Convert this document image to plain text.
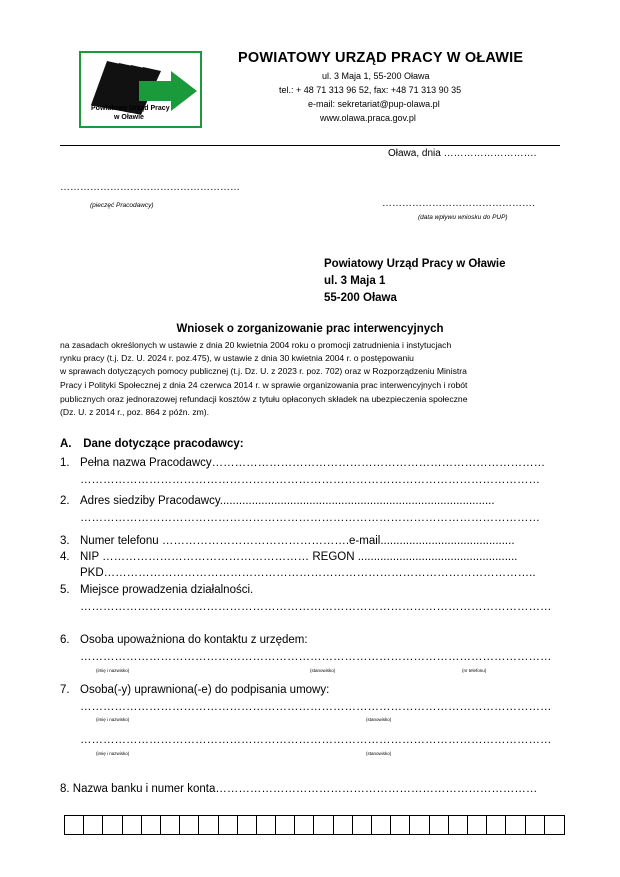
Powiatowy Urząd Pracy
w Oławie
POWIATOWY URZĄD PRACY W OŁAWIE
ul. 3 Maja 1, 55-200 Oława
tel.: + 48 71 313 96 52, fax: +48 71 313 90 35
e-mail: sekretariat@pup-olawa.pl
www.olawa.praca.gov.pl
Oława, dnia ……………………….
………………………………………………
(pieczęć Pracodawcy)	……………………………………….
(data wpływu wniosku do PUP)
Powiatowy Urząd Pracy w Oławie
ul. 3 Maja 1
55-200 Oława
Wniosek o zorganizowanie prac interwencyjnych
na zasadach określonych w ustawie z dnia 20 kwietnia 2004 roku o promocji zatrudnienia i instytucjach
rynku pracy (t.j. Dz. U. 2024 r. poz.475), w ustawie z dnia 30 kwietnia 2004 r. o postępowaniu
w sprawach dotyczących pomocy publicznej (t.j. Dz. U. z 2023 r. poz. 702) oraz w Rozporządzeniu Ministra
Pracy i Polityki Społecznej z dnia 24 czerwca 2014 r. w sprawie organizowania prac interwencyjnych i robót
publicznych oraz jednorazowej refundacji kosztów z tytułu opłaconych składek na ubezpieczenia społeczne
(Dz. U. z 2014 r., poz. 864 z późn. zm).
A. Dane dotyczące pracodawcy:
1. Pełna nazwa Pracodawcy……………………………………………………………………………
…………………………………………………………………………………………………………
2. Adres siedziby Pracodawcy......................................................................................
…………………………………………………………………………………………………………
3. Numer telefonu ………………………………………….e-mail..........................................
4. NIP ……………………………………………… REGON ..................................................
PKD…………………………………………………………………………………………………..
5. Miejsce prowadzenia działalności.
……………………………………………………………………………………………………………
6. Osoba upoważniona do kontaktu z urzędem:
……………………………………………………………………………………………………………
(imię i nazwisko)	(stanowisko)	(nr telefonu)
7. Osoba(-y) uprawniona(-e) do podpisania umowy:
……………………………………………………………………………………………………………
(imię i nazwisko)	(stanowisko)
……………………………………………………………………………………………………………
(imię i nazwisko)	(stanowisko)
8. Nazwa banku i numer konta…………………………………………………………………………
